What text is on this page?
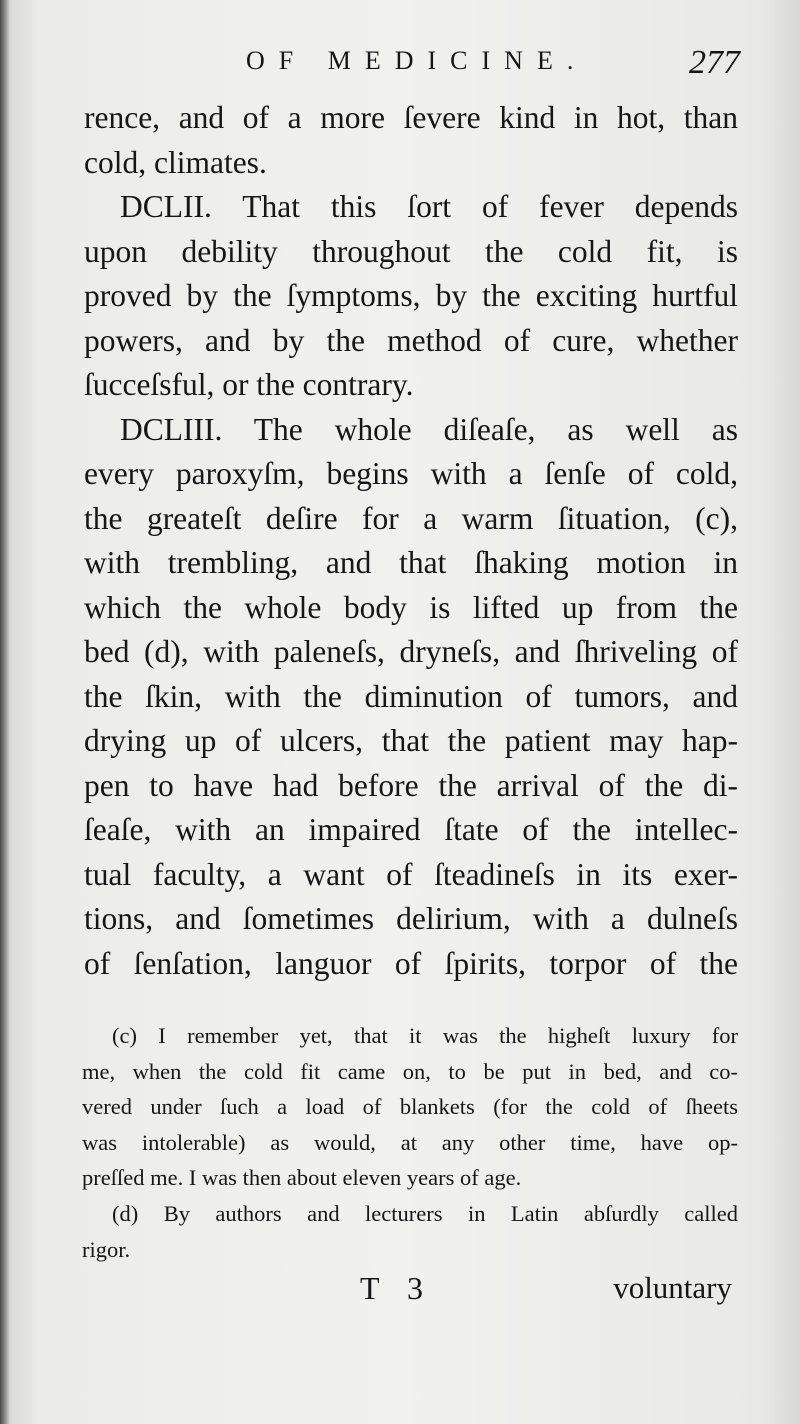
OF MEDICINE.	277
rence, and of a more ſevere kind in hot, than
cold, climates.
DCLII. That this ſort of fever depends
upon debility throughout the cold fit, is
proved by the ſymptoms, by the exciting hurtful
powers, and by the method of cure, whether
ſucceſsful, or the contrary.
DCLIII. The whole diſeaſe, as well as
every paroxyſm, begins with a ſenſe of cold,
the greateſt deſire for a warm ſituation, (c),
with trembling, and that ſhaking motion in
which the whole body is lifted up from the
bed (d), with paleneſs, dryneſs, and ſhriveling of
the ſkin, with the diminution of tumors, and
drying up of ulcers, that the patient may hap-
pen to have had before the arrival of the di-
ſeaſe, with an impaired ſtate of the intellec-
tual faculty, a want of ſteadineſs in its exer-
tions, and ſometimes delirium, with a dulneſs
of ſenſation, languor of ſpirits, torpor of the
(c) I remember yet, that it was the higheſt luxury for
me, when the cold fit came on, to be put in bed, and co-
vered under ſuch a load of blankets (for the cold of ſheets
was intolerable) as would, at any other time, have op-
preſſed me. I was then about eleven years of age.
(d) By authors and lecturers in Latin abſurdly called
rigor.
T 3	voluntary
